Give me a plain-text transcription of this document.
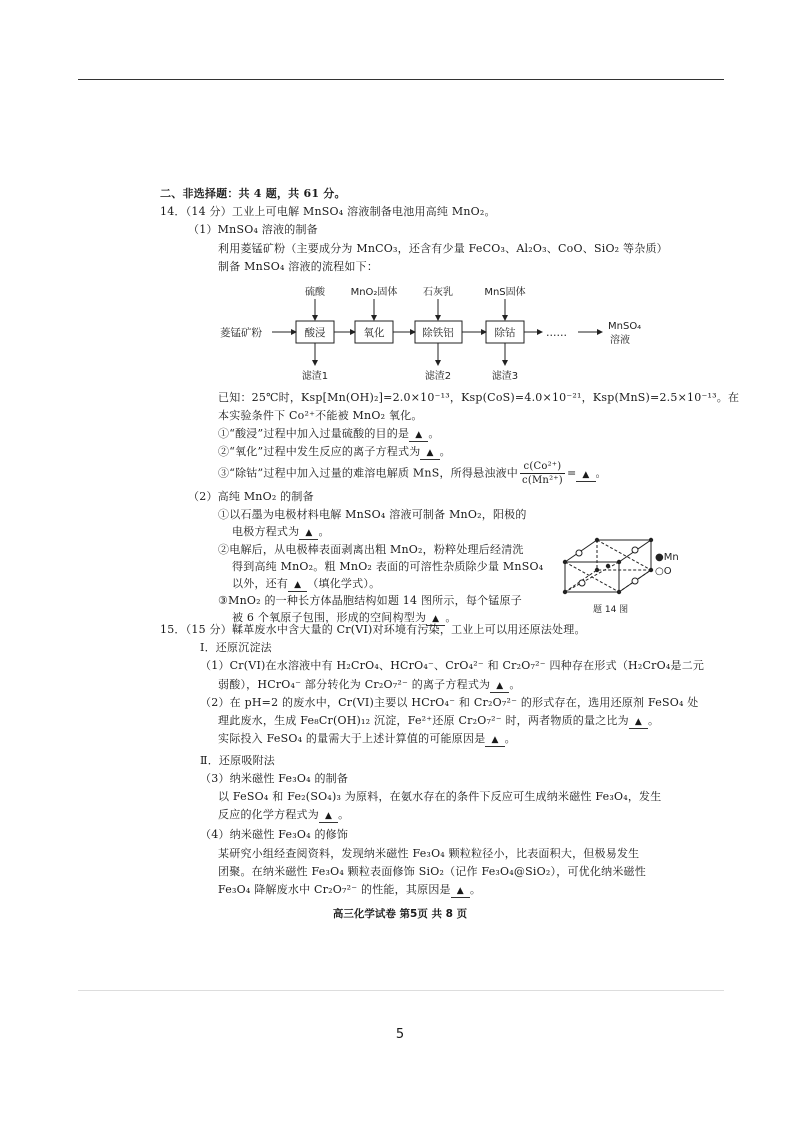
二、非选择题：共 4 题，共 61 分。
14．（14 分）工业上可电解 MnSO₄ 溶液制备电池用高纯 MnO₂。
（1）MnSO₄ 溶液的制备
利用菱锰矿粉（主要成分为 MnCO₃，还含有少量 FeCO₃、Al₂O₃、CoO、SiO₂ 等杂质）
制备 MnSO₄ 溶液的流程如下：
菱锰矿粉	酸浸	氧化	除铁铝	除钴	……
MnSO₄
溶液
硫酸	MnO₂固体	石灰乳	MnS固体
滤渣1	滤渣2	滤渣3
已知：25℃时，Ksp[Mn(OH)₂]=2.0×10⁻¹³，Ksp(CoS)=4.0×10⁻²¹，Ksp(MnS)=2.5×10⁻¹³。在
本实验条件下 Co²⁺不能被 MnO₂ 氧化。
①“酸浸”过程中加入过量硫酸的目的是 ▲ 。
②“氧化”过程中发生反应的离子方程式为 ▲ 。
③“除钴”过程中加入过量的难溶电解质 MnS，所得悬浊液中 $\frac{\text{c(Co²⁺)}}{\text{c(Mn²⁺)}}$ = ▲ 。
（2）高纯 MnO₂ 的制备
①以石墨为电极材料电解 MnSO₄ 溶液可制备 MnO₂，阳极的
电极方程式为 ▲ 。
②电解后，从电极棒表面剥离出粗 MnO₂，粉粹处理后经清洗
得到高纯 MnO₂。粗 MnO₂ 表面的可溶性杂质除少量 MnSO₄
以外，还有 ▲ （填化学式）。
③MnO₂ 的一种长方体晶胞结构如题 14 图所示，每个锰原子
被 6 个氧原子包围，形成的空间构型为 ▲ 。
●Mn
○O
题 14 图
15．（15 分）鞣革废水中含大量的 Cr(VI)对环境有污染，工业上可以用还原法处理。
Ⅰ．还原沉淀法
（1）Cr(VI)在水溶液中有 H₂CrO₄、HCrO₄⁻、CrO₄²⁻ 和 Cr₂O₇²⁻ 四种存在形式（H₂CrO₄是二元
弱酸），HCrO₄⁻ 部分转化为 Cr₂O₇²⁻ 的离子方程式为 ▲ 。
（2）在 pH=2 的废水中，Cr(VI)主要以 HCrO₄⁻ 和 Cr₂O₇²⁻ 的形式存在，选用还原剂 FeSO₄ 处
理此废水，生成 Fe₈Cr(OH)₁₂ 沉淀，Fe²⁺还原 Cr₂O₇²⁻ 时，两者物质的量之比为 ▲ 。
实际投入 FeSO₄ 的量需大于上述计算值的可能原因是 ▲ 。
Ⅱ．还原吸附法
（3）纳米磁性 Fe₃O₄ 的制备
以 FeSO₄ 和 Fe₂(SO₄)₃ 为原料，在氨水存在的条件下反应可生成纳米磁性 Fe₃O₄，发生
反应的化学方程式为 ▲ 。
（4）纳米磁性 Fe₃O₄ 的修饰
某研究小组经查阅资料，发现纳米磁性 Fe₃O₄ 颗粒粒径小，比表面积大，但极易发生
团聚。在纳米磁性 Fe₃O₄ 颗粒表面修饰 SiO₂（记作 Fe₃O₄@SiO₂），可优化纳米磁性
Fe₃O₄ 降解废水中 Cr₂O₇²⁻ 的性能，其原因是 ▲ 。
高三化学试卷 第5页 共 8 页
5
